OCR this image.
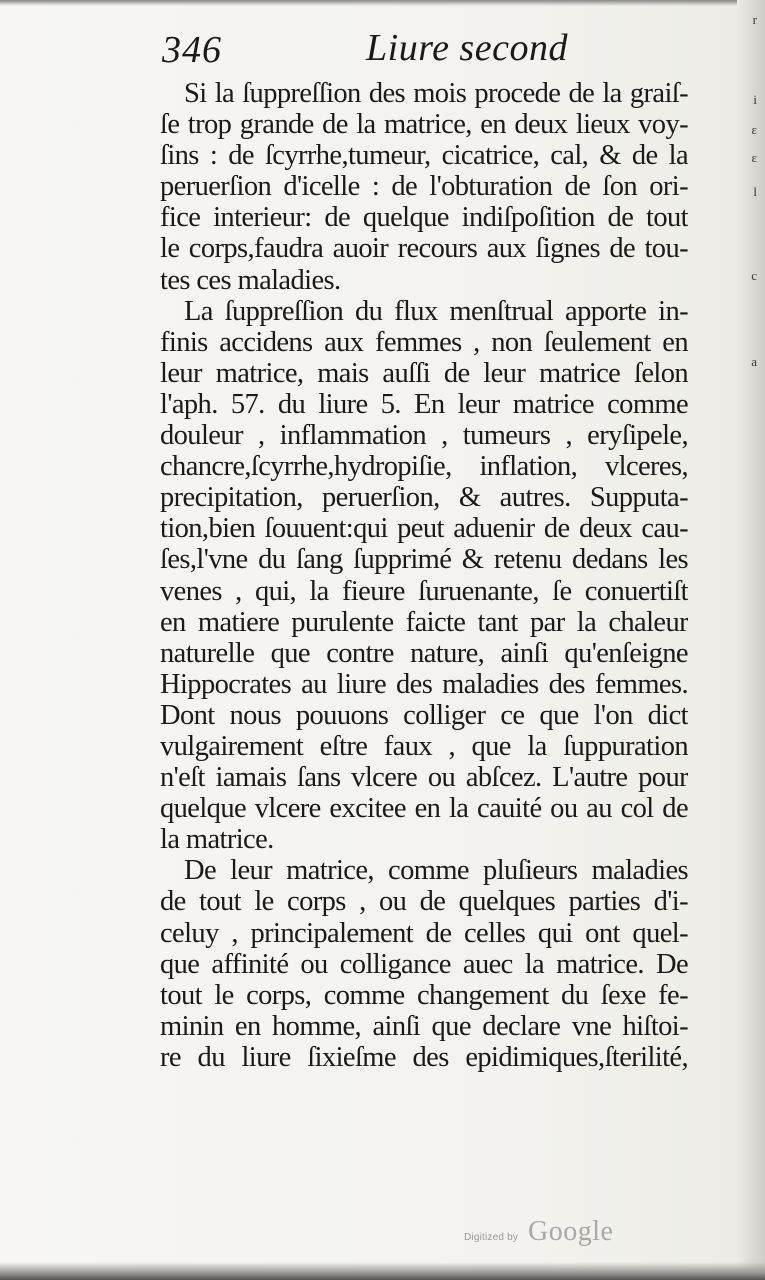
346	Liure second
Si la ſuppreſſion des mois procede de la graiſ-
ſe trop grande de la matrice, en deux lieux voy-
ſins : de ſcyrrhe,tumeur, cicatrice, cal, & de la
peruerſion d'icelle : de l'obturation de ſon ori-
fice interieur: de quelque indiſpoſition de tout
le corps,faudra auoir recours aux ſignes de tou-
tes ces maladies.
La ſuppreſſion du flux menſtrual apporte in-
finis accidens aux femmes , non ſeulement en
leur matrice, mais auſſi de leur matrice ſelon
l'aph. 57. du liure 5. En leur matrice comme
douleur , inflammation , tumeurs , eryſipele,
chancre,ſcyrrhe,hydropiſie, inflation, vlceres,
precipitation, peruerſion, & autres. Supputa-
tion,bien ſouuent:qui peut aduenir de deux cau-
ſes,l'vne du ſang ſupprimé & retenu dedans les
venes , qui, la fieure ſuruenante, ſe conuertiſt
en matiere purulente faicte tant par la chaleur
naturelle que contre nature, ainſi qu'enſeigne
Hippocrates au liure des maladies des femmes.
Dont nous pouuons colliger ce que l'on dict
vulgairement eſtre faux , que la ſuppuration
n'eſt iamais ſans vlcere ou abſcez. L'autre pour
quelque vlcere excitee en la cauité ou au col de
la matrice.
De leur matrice, comme pluſieurs maladies
de tout le corps , ou de quelques parties d'i-
celuy , principalement de celles qui ont quel-
que affinité ou colligance auec la matrice. De
tout le corps, comme changement du ſexe fe-
minin en homme, ainſi que declare vne hiſtoi-
re du liure ſixieſme des epidimiques,ſterilité,
r
i
ε
ε
l
c
a
Digitized by Google
